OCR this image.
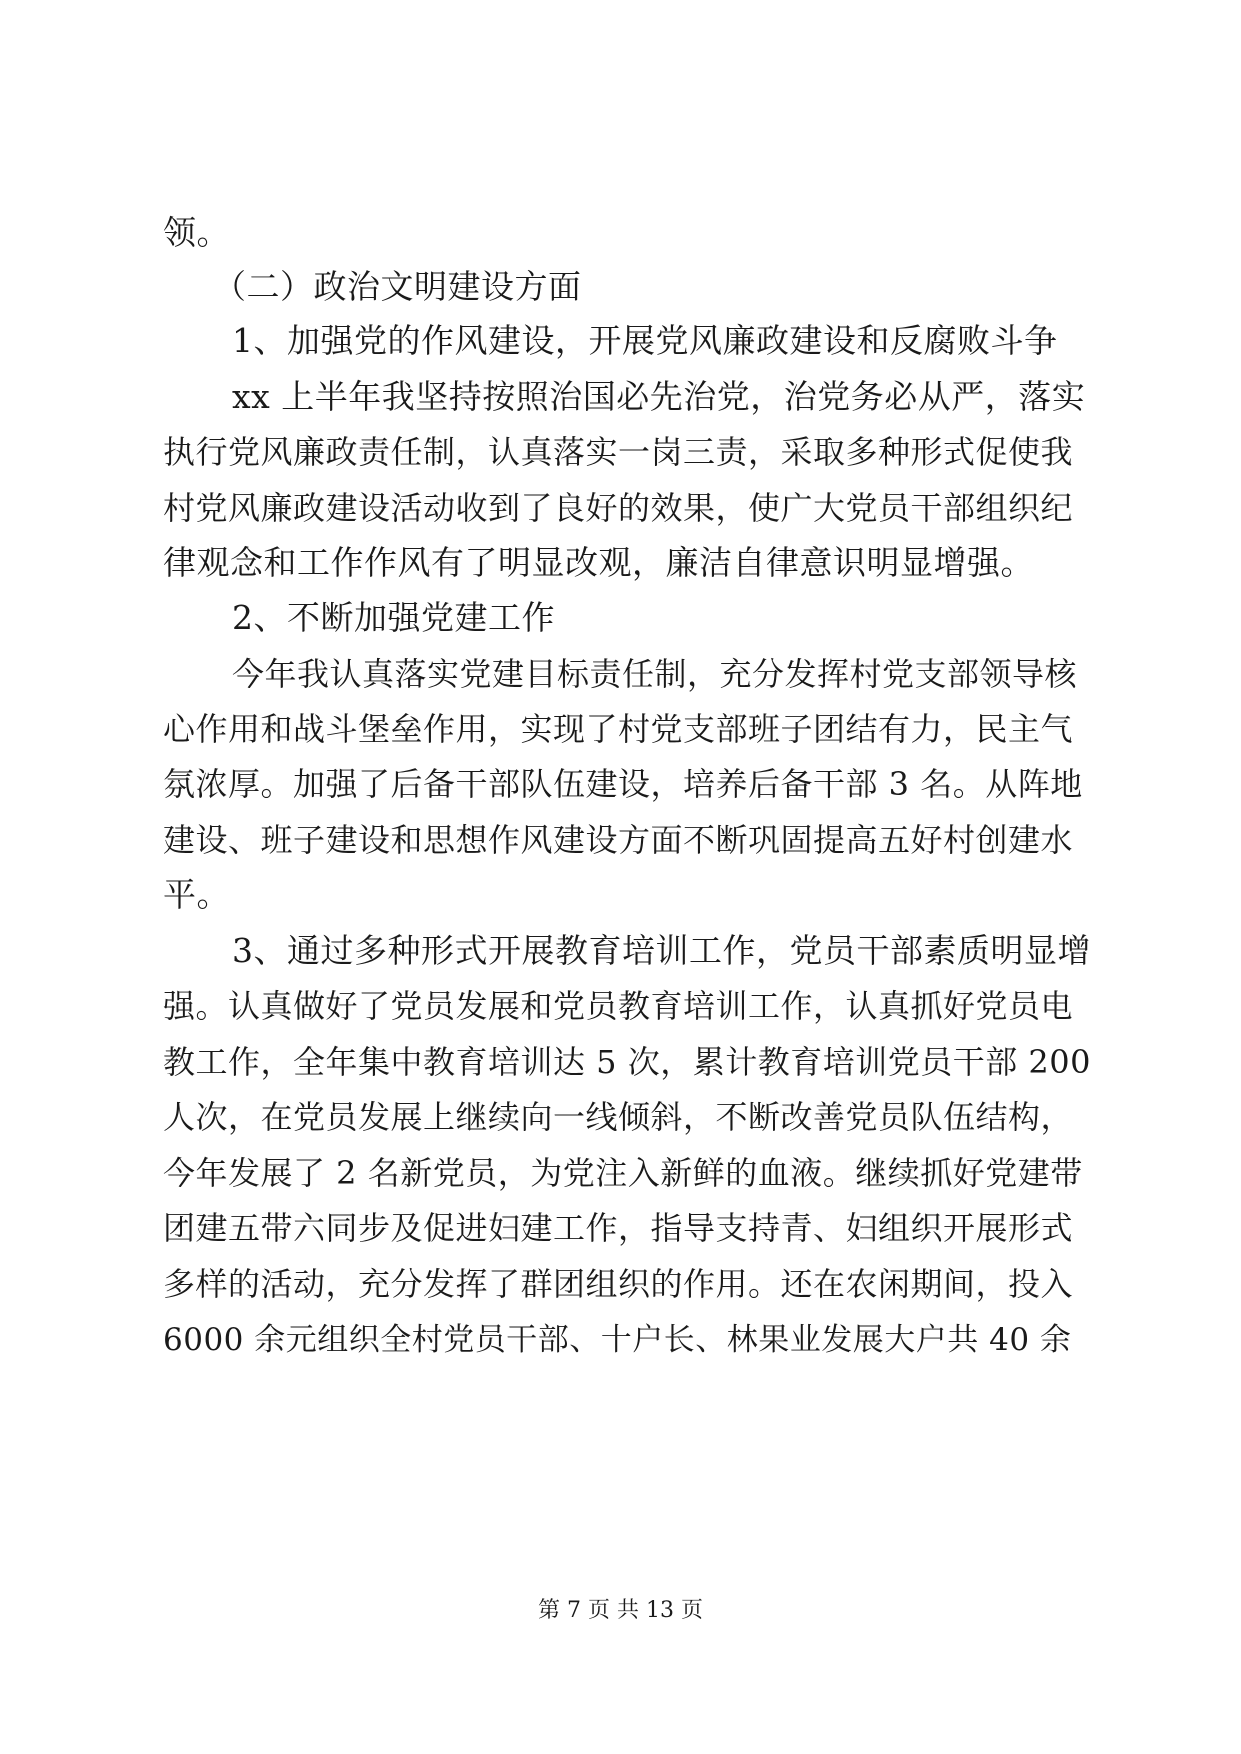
领。

（二）政治文明建设方面

1、加强党的作风建设，开展党风廉政建设和反腐败斗争

xx 上半年我坚持按照治国必先治党，治党务必从严，落实

执行党风廉政责任制，认真落实一岗三责，采取多种形式促使我

村党风廉政建设活动收到了良好的效果，使广大党员干部组织纪

律观念和工作作风有了明显改观，廉洁自律意识明显增强。

2、不断加强党建工作

今年我认真落实党建目标责任制，充分发挥村党支部领导核

心作用和战斗堡垒作用，实现了村党支部班子团结有力，民主气

氛浓厚。加强了后备干部队伍建设，培养后备干部 3 名。从阵地

建设、班子建设和思想作风建设方面不断巩固提高五好村创建水

平。

3、通过多种形式开展教育培训工作，党员干部素质明显增

强。认真做好了党员发展和党员教育培训工作，认真抓好党员电

教工作，全年集中教育培训达 5 次，累计教育培训党员干部 200

人次，在党员发展上继续向一线倾斜，不断改善党员队伍结构，

今年发展了 2 名新党员，为党注入新鲜的血液。继续抓好党建带

团建五带六同步及促进妇建工作，指导支持青、妇组织开展形式

多样的活动，充分发挥了群团组织的作用。还在农闲期间，投入

6000 余元组织全村党员干部、十户长、林果业发展大户共 40 余

第 7 页 共 13 页
